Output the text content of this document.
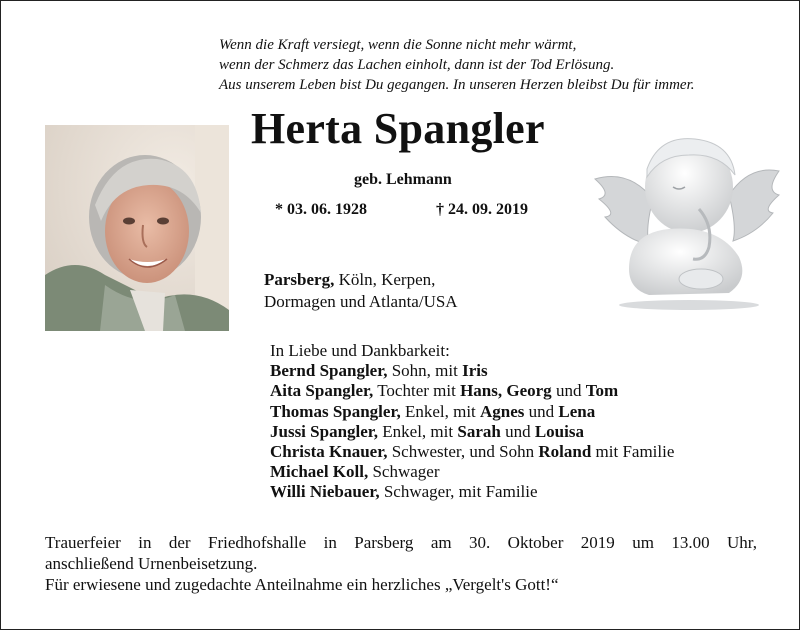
Wenn die Kraft versiegt, wenn die Sonne nicht mehr wärmt,
wenn der Schmerz das Lachen einholt, dann ist der Tod Erlösung.
Aus unserem Leben bist Du gegangen. In unseren Herzen bleibst Du für immer.
Herta Spangler
geb. Lehmann
* 03. 06. 1928	† 24. 09. 2019
Parsberg, Köln, Kerpen,
Dormagen und Atlanta/USA
In Liebe und Dankbarkeit:
Bernd Spangler, Sohn, mit Iris
Aita Spangler, Tochter mit Hans, Georg und Tom
Thomas Spangler, Enkel, mit Agnes und Lena
Jussi Spangler, Enkel, mit Sarah und Louisa
Christa Knauer, Schwester, und Sohn Roland mit Familie
Michael Koll, Schwager
Willi Niebauer, Schwager, mit Familie
Trauerfeier in der Friedhofshalle in Parsberg am 30. Oktober 2019 um 13.00 Uhr,
anschließend Urnenbeisetzung.
Für erwiesene und zugedachte Anteilnahme ein herzliches „Vergelt's Gott!“
